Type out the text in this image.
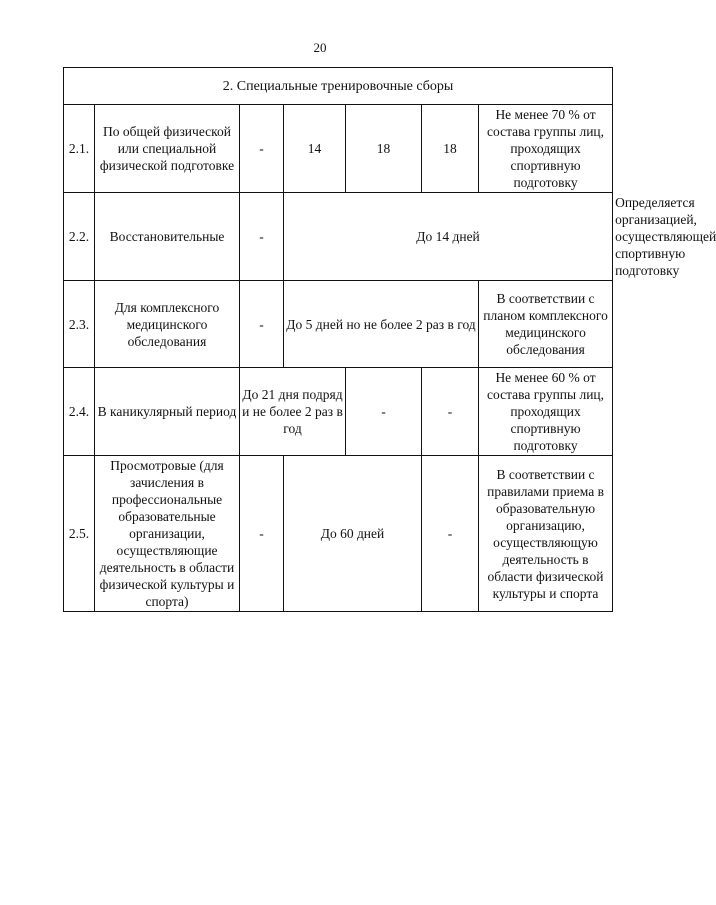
20
2. Специальные тренировочные сборы							
2.1.	По общей физической или специальной физической подготовке	-	14	18	18	Не менее 70 % от состава группы лиц, проходящих спортивную подготовку	
2.2.	Восстановительные	-	До 14 дней				Определяется организацией, осуществляющей спортивную подготовку
2.3.	Для комплексного медицинского обследования	-	До 5 дней но не более 2 раз в год			В соответствии с планом комплексного медицинского обследования	
2.4.	В каникулярный период	До 21 дня подряд и не более 2 раз в год		-	-	Не менее 60 % от состава группы лиц, проходящих спортивную подготовку	
2.5.	Просмотровые (для зачисления в профессиональные образовательные организации, осуществляющие деятельность в области физической культуры и спорта)	-	До 60 дней		-	В соответствии с правилами приема в образовательную организацию, осуществляющую деятельность в области физической культуры и спорта	
